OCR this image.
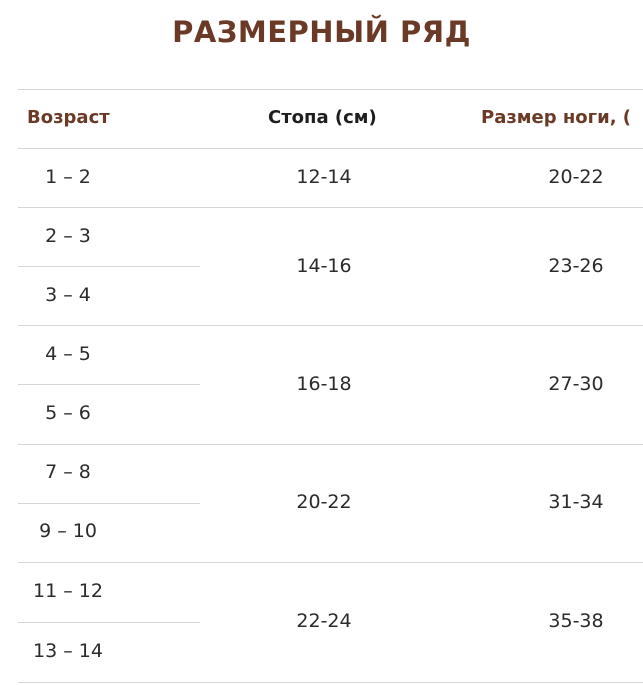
РАЗМЕРНЫЙ РЯД
Возраст	Стопа (см)	Размер ноги, (
1 – 2
2 – 3
3 – 4
4 – 5
5 – 6
7 – 8
9 – 10
11 – 12
13 – 14
12-14
14-16
16-18
20-22
22-24
20-22
23-26
27-30
31-34
35-38
